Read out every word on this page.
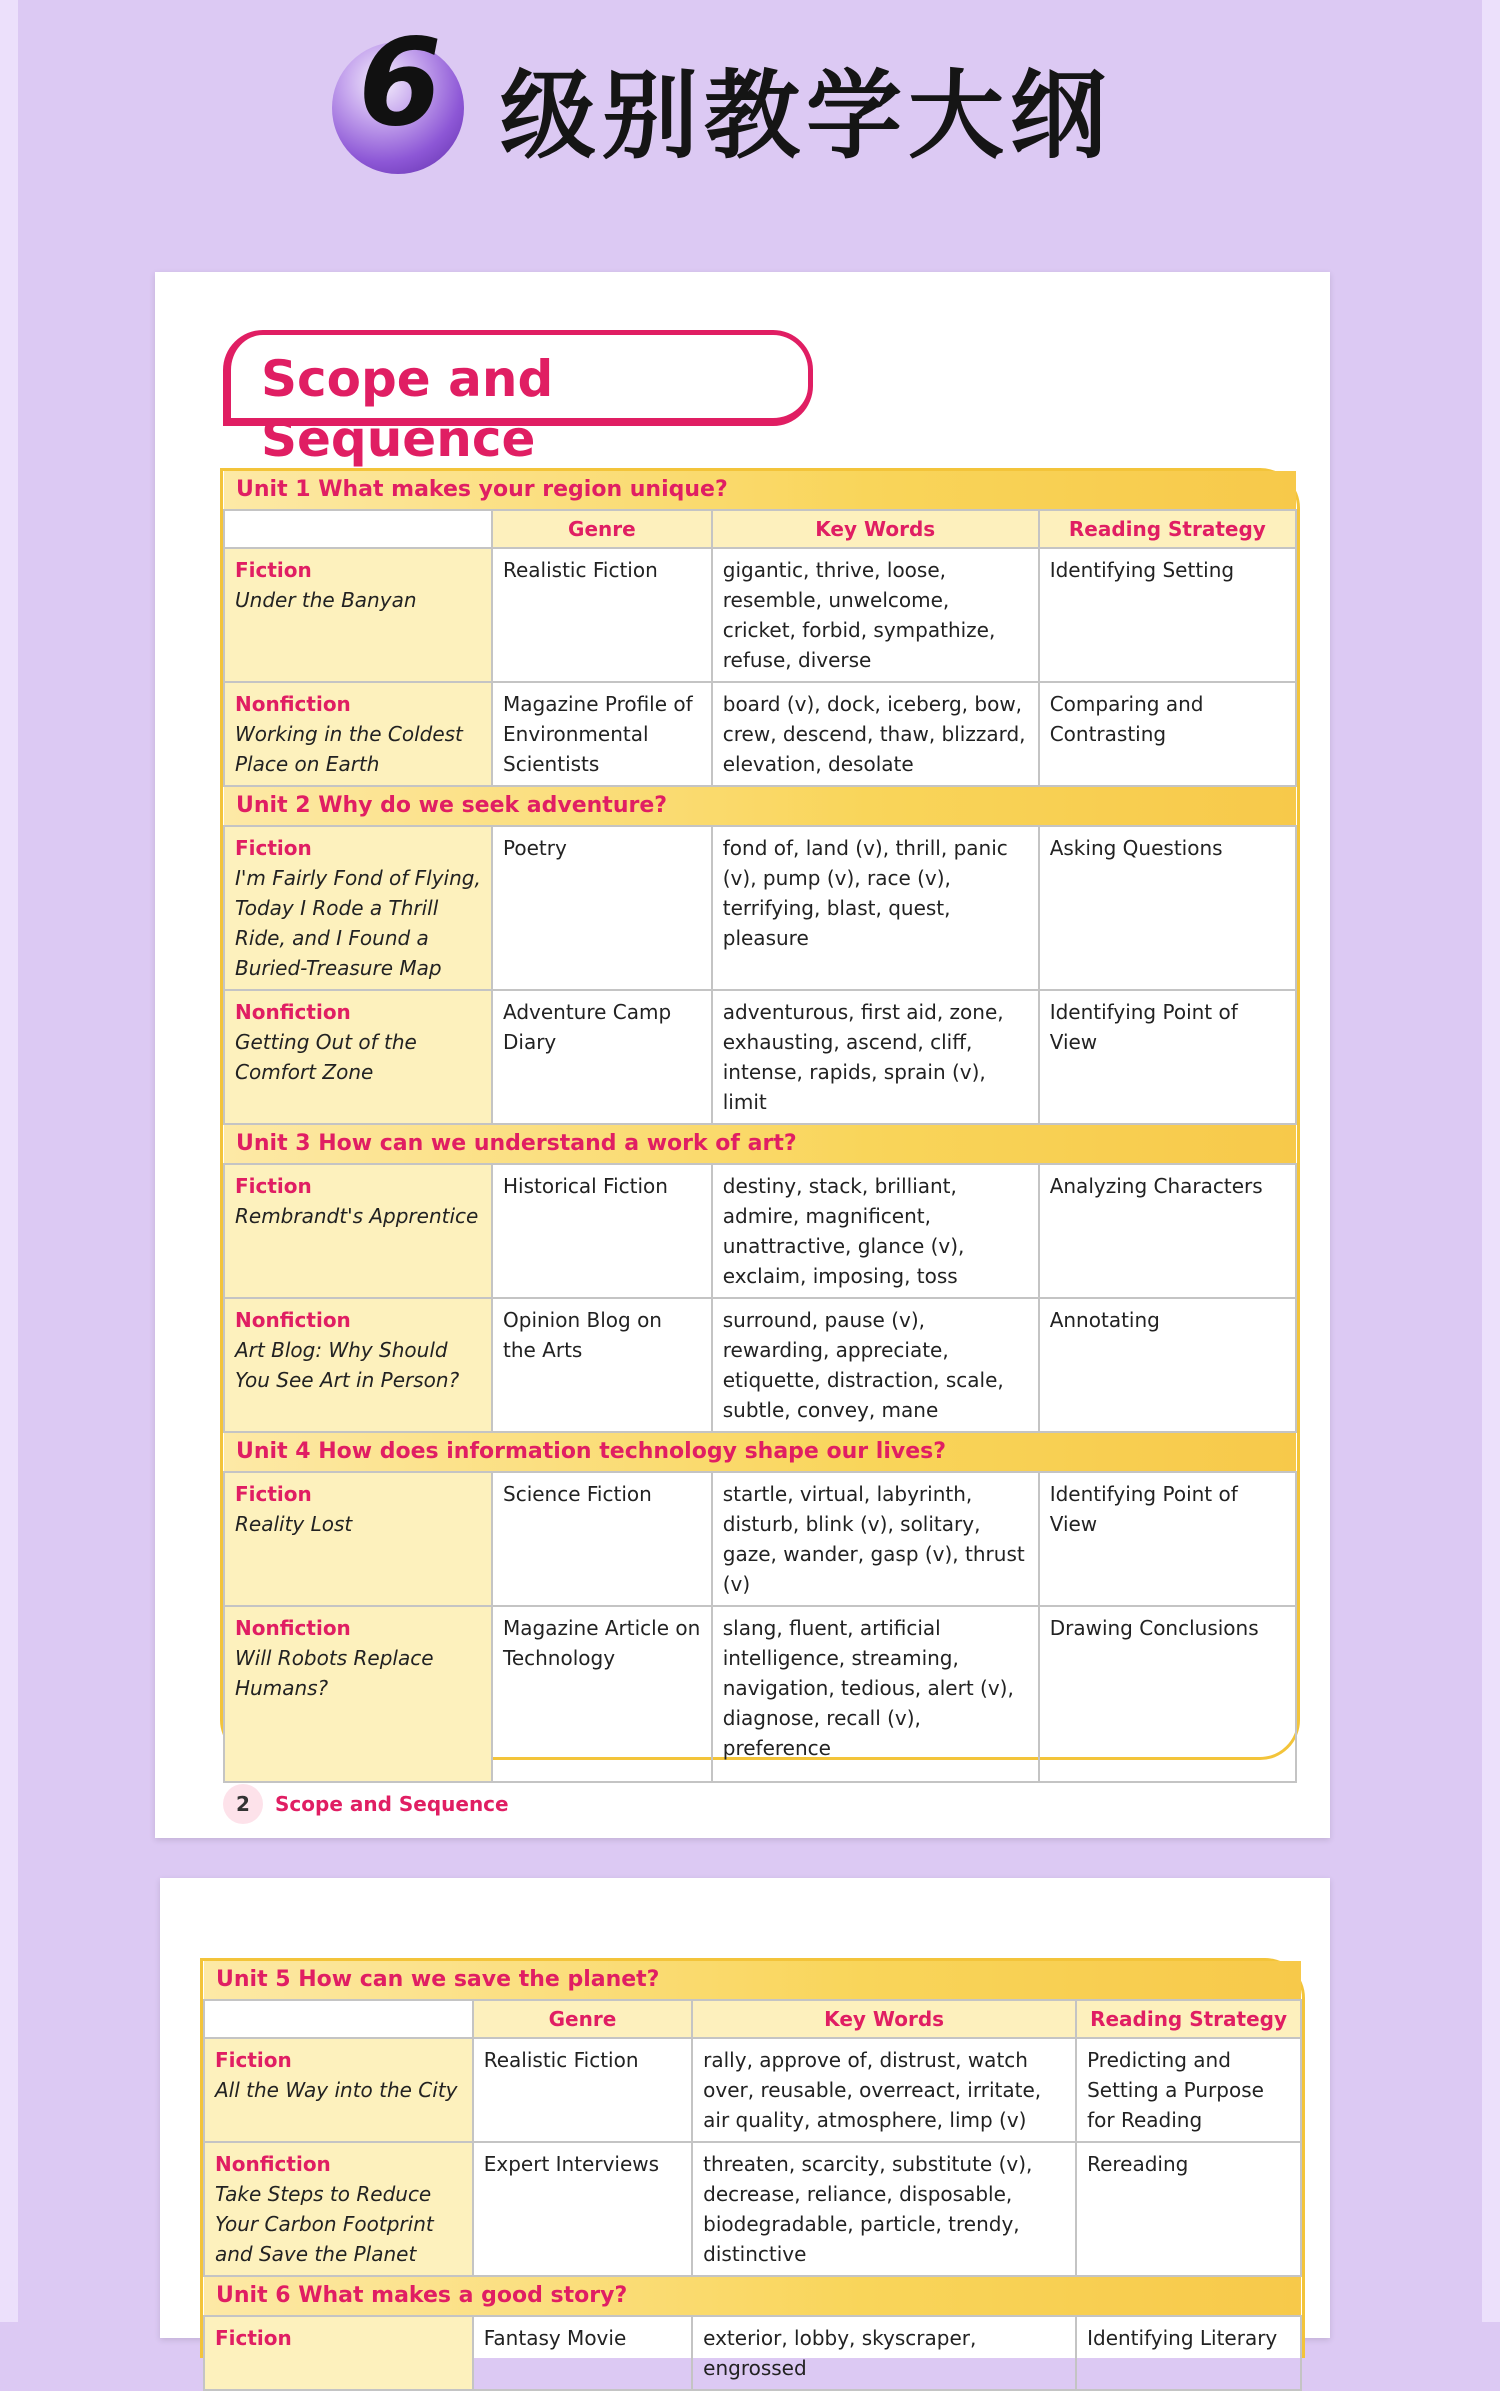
6 级别教学大纲
Scope and Sequence
Unit 1 What makes your region unique?			
	Genre	Key Words	Reading Strategy

Fiction
Under the Banyan	Realistic Fiction	gigantic, thrive, loose, resemble, unwelcome, cricket, forbid, sympathize, refuse, diverse	Identifying Setting

Nonfiction
Working in the Coldest Place on Earth	Magazine Profile of Environmental Scientists	board (v), dock, iceberg, bow, crew, descend, thaw, blizzard, elevation, desolate	Comparing and Contrasting
Unit 2 Why do we seek adventure?			

Fiction
I'm Fairly Fond of Flying, Today I Rode a Thrill Ride, and I Found a Buried-Treasure Map	Poetry	fond of, land (v), thrill, panic (v), pump (v), race (v), terrifying, blast, quest, pleasure	Asking Questions

Nonfiction
Getting Out of the Comfort Zone	Adventure Camp Diary	adventurous, first aid, zone, exhausting, ascend, cliff, intense, rapids, sprain (v), limit	Identifying Point of View
Unit 3 How can we understand a work of art?			

Fiction
Rembrandt's Apprentice	Historical Fiction	destiny, stack, brilliant, admire, magnificent, unattractive, glance (v), exclaim, imposing, toss	Analyzing Characters

Nonfiction
Art Blog: Why Should You See Art in Person?	Opinion Blog on the Arts	surround, pause (v), rewarding, appreciate, etiquette, distraction, scale, subtle, convey, mane	Annotating
Unit 4 How does information technology shape our lives?			

Fiction
Reality Lost	Science Fiction	startle, virtual, labyrinth, disturb, blink (v), solitary, gaze, wander, gasp (v), thrust (v)	Identifying Point of View

Nonfiction
Will Robots Replace Humans?	Magazine Article on Technology	slang, fluent, artificial intelligence, streaming, navigation, tedious, alert (v), diagnose, recall (v), preference	Drawing Conclusions
2	Scope and Sequence
Unit 5 How can we save the planet?			
	Genre	Key Words	Reading Strategy

Fiction
All the Way into the City	Realistic Fiction	rally, approve of, distrust, watch over, reusable, overreact, irritate, air quality, atmosphere, limp (v)	Predicting and Setting a Purpose for Reading

Nonfiction
Take Steps to Reduce Your Carbon Footprint and Save the Planet	Expert Interviews	threaten, scarcity, substitute (v), decrease, reliance, disposable, biodegradable, particle, trendy, distinctive	Rereading
Unit 6 What makes a good story?			

Fiction	Fantasy Movie	exterior, lobby, skyscraper, engrossed	Identifying Literary
